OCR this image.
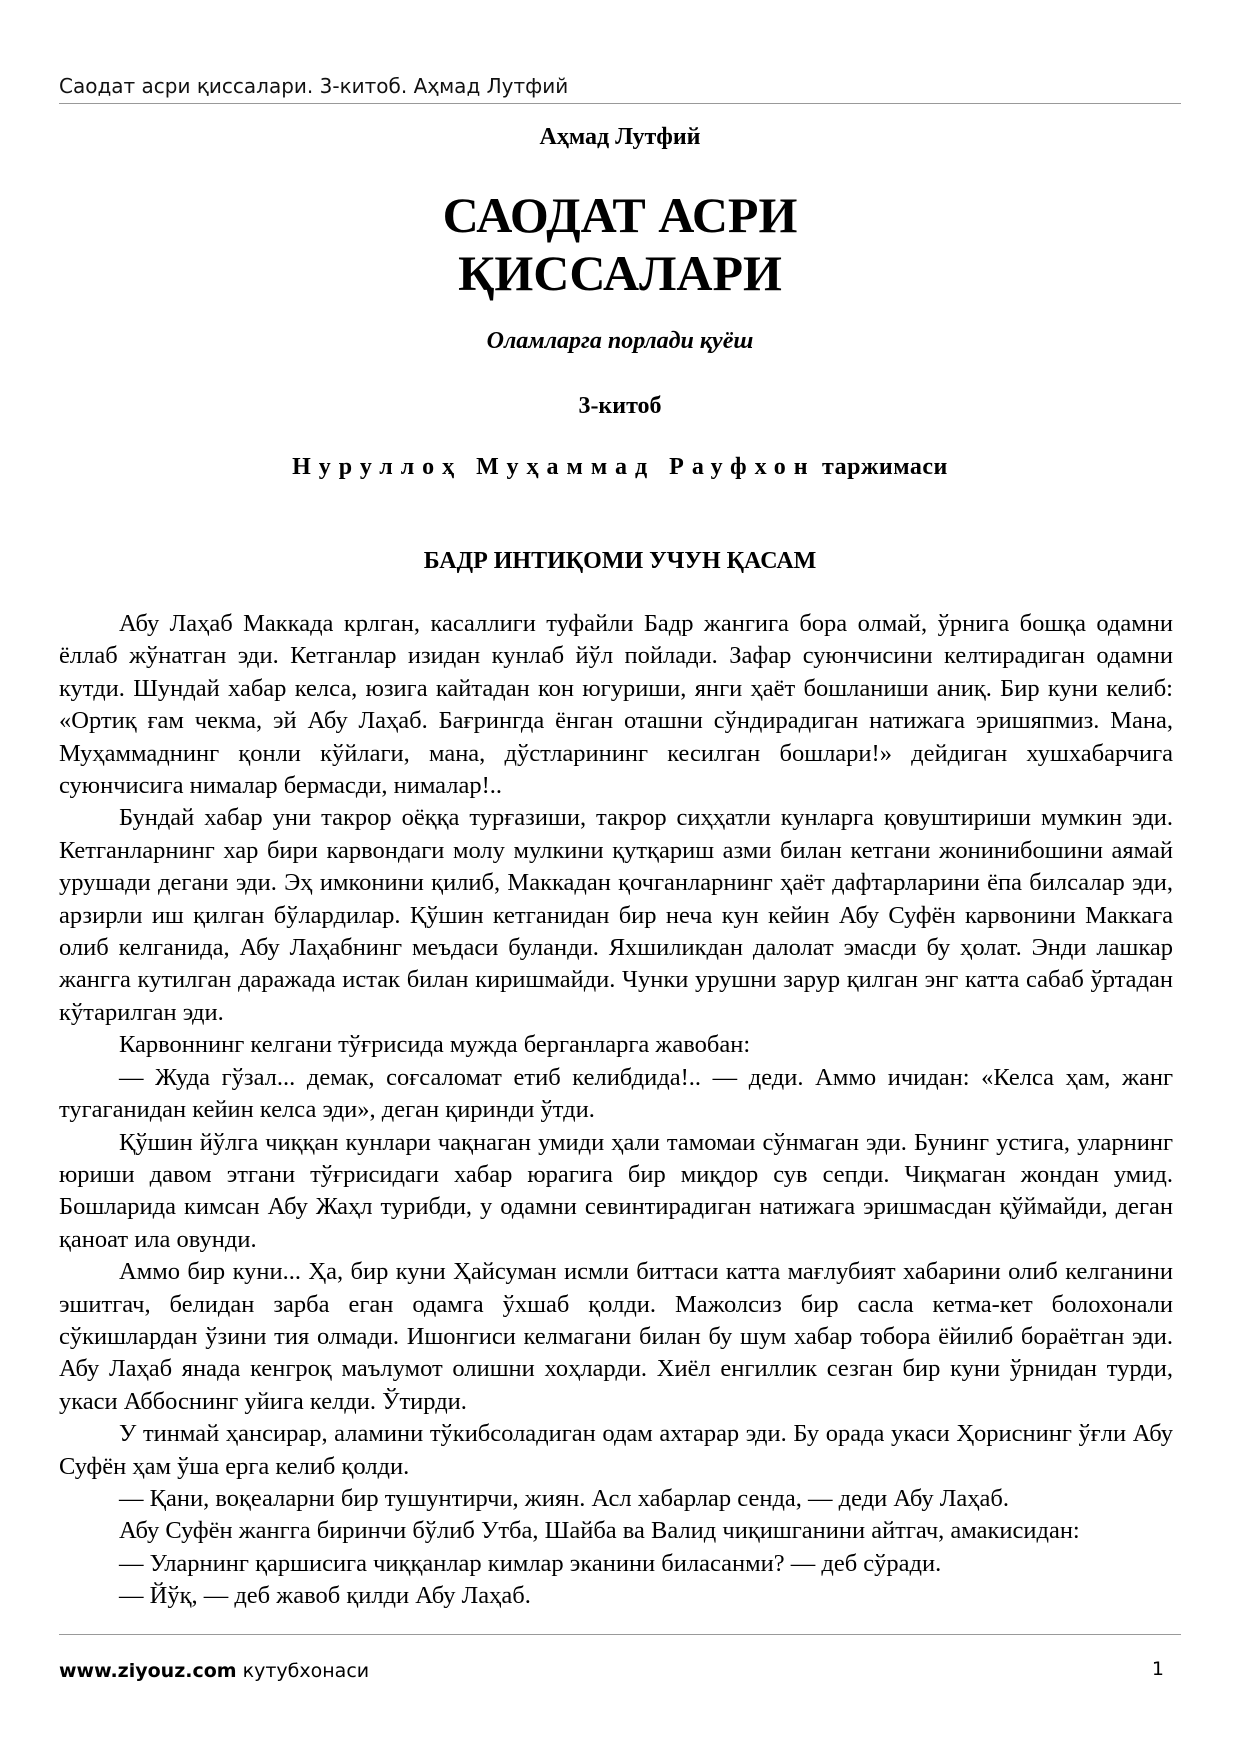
Саодат асри қиссалари. 3-китоб. Аҳмад Лутфий
Аҳмад Лутфий
САОДАТ АСРИ
ҚИССАЛАРИ
Оламларга порлади қуёш
3-китоб
Нуруллоҳ Муҳаммад Рауфхон таржимаси
БАДР ИНТИҚОМИ УЧУН ҚАСАМ

Абу Лаҳаб Маккада крлган, касаллиги туфайли Бадр жангига бора олмай, ўрнига бошқа одамни ёллаб жўнатган эди. Кетганлар изидан кунлаб йўл пойлади. Зафар суюнчисини келтирадиган одамни кутди. Шундай хабар келса, юзига кайтадан кон югуриши, янги ҳаёт бошланиши аниқ. Бир куни келиб: «Ортиқ ғам чекма, эй Абу Лаҳаб. Бағрингда ёнган оташни сўндирадиган натижага эришяпмиз. Мана, Муҳаммаднинг қонли кўйлаги, мана, дўстларининг кесилган бошлари!» дейдиган хушхабарчига суюнчисига нималар бермасди, нималар!..

Бундай хабар уни такрор оёққа турғазиши, такрор сиҳҳатли кунларга қовуштириши мумкин эди. Кетганларнинг хар бири карвондаги молу мулкини қутқариш азми билан кетгани жонинибошини аямай урушади дегани эди. Эҳ имконини қилиб, Маккадан қочганларнинг ҳаёт дафтарларини ёпа билсалар эди, арзирли иш қилган бўлардилар. Қўшин кетганидан бир неча кун кейин Абу Суфён карвонини Маккага олиб келганида, Абу Лаҳабнинг меъдаси буланди. Яхшиликдан далолат эмасди бу ҳолат. Энди лашкар жангга кутилган даражада истак билан киришмайди. Чунки урушни зарур қилган энг катта сабаб ўртадан кўтарилган эди.

Карвоннинг келгани тўғрисида мужда берганларга жавобан:

— Жуда гўзал... демак, соғсаломат етиб келибдида!.. — деди. Аммо ичидан: «Келса ҳам, жанг тугаганидан кейин келса эди», деган қиринди ўтди.

Қўшин йўлга чиққан кунлари чақнаган умиди ҳали тамомаи сўнмаган эди. Бунинг устига, уларнинг юриши давом этгани тўғрисидаги хабар юрагига бир миқдор сув сепди. Чиқмаган жондан умид. Бошларида кимсан Абу Жаҳл турибди, у одамни севинтирадиган натижага эришмасдан қўймайди, деган қаноат ила овунди.

Аммо бир куни... Ҳа, бир куни Ҳайсуман исмли биттаси катта мағлубият хабарини олиб келганини эшитгач, белидан зарба еган одамга ўхшаб қолди. Мажолсиз бир сасла кетма-кет болохонали сўкишлардан ўзини тия олмади. Ишонгиси келмагани билан бу шум хабар тобора ёйилиб бораётган эди. Абу Лаҳаб янада кенгроқ маълумот олишни хоҳларди. Хиёл енгиллик сезган бир куни ўрнидан турди, укаси Аббоснинг уйига келди. Ўтирди.

У тинмай ҳансирар, аламини тўкибсоладиган одам ахтарар эди. Бу орада укаси Ҳориснинг ўғли Абу Суфён ҳам ўша ерга келиб қолди.

— Қани, воқеаларни бир тушунтирчи, жиян. Асл хабарлар сенда, — деди Абу Лаҳаб.

Абу Суфён жангга биринчи бўлиб Утба, Шайба ва Валид чиқишганини айтгач, амакисидан:

— Уларнинг қаршисига чиққанлар кимлар эканини биласанми? — деб сўради.

— Йўқ, — деб жавоб қилди Абу Лаҳаб.

www.ziyouz.com кутубхонаси	1
